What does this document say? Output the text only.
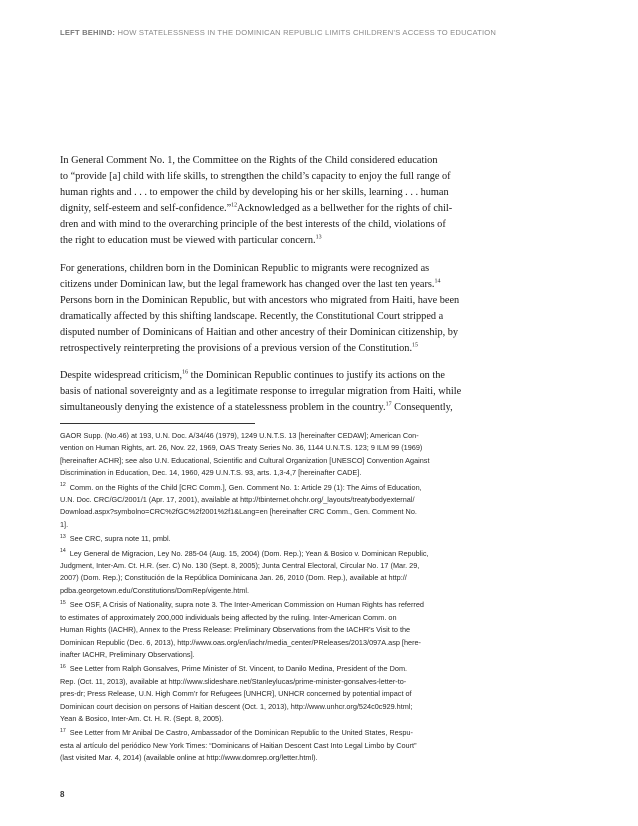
LEFT BEHIND: HOW STATELESSNESS IN THE DOMINICAN REPUBLIC LIMITS CHILDREN’S ACCESS TO EDUCATION

In General Comment No. 1, the Committee on the Rights of the Child considered education
to “provide [a] child with life skills, to strengthen the child’s capacity to enjoy the full range of
human rights and . . . to empower the child by developing his or her skills, learning . . . human
dignity, self-esteem and self-confidence.”$^{12}$Acknowledged as a bellwether for the rights of chil-
dren and with mind to the overarching principle of the best interests of the child, violations of
the right to education must be viewed with particular concern.$^{13}$

For generations, children born in the Dominican Republic to migrants were recognized as
citizens under Dominican law, but the legal framework has changed over the last ten years.$^{14}$
Persons born in the Dominican Republic, but with ancestors who migrated from Haiti, have been
dramatically affected by this shifting landscape. Recently, the Constitutional Court stripped a
disputed number of Dominicans of Haitian and other ancestry of their Dominican citizenship, by
retrospectively reinterpreting the provisions of a previous version of the Constitution.$^{15}$

Despite widespread criticism,$^{16}$ the Dominican Republic continues to justify its actions on the
basis of national sovereignty and as a legitimate response to irregular migration from Haiti, while
simultaneously denying the existence of a statelessness problem in the country.$^{17}$ Consequently,

GAOR Supp. (No.46) at 193, U.N. Doc. A/34/46 (1979), 1249 U.N.T.S. 13 [hereinafter CEDAW]; American Con-
vention on Human Rights, art. 26, Nov. 22, 1969, OAS Treaty Series No. 36, 1144 U.N.T.S. 123; 9 ILM 99 (1969)
[hereinafter ACHR]; see also U.N. Educational, Scientific and Cultural Organization [UNESCO] Convention Against
Discrimination in Education, Dec. 14, 1960, 429 U.N.T.S. 93, arts. 1,3-4,7 [hereinafter CADE].
$^{12}$ Comm. on the Rights of the Child [CRC Comm.], Gen. Comment No. 1: Article 29 (1): The Aims of Education,
U.N. Doc. CRC/GC/2001/1 (Apr. 17, 2001), available at http://tbinternet.ohchr.org/_layouts/treatybodyexternal/
Download.aspx?symbolno=CRC%2fGC%2f2001%2f1&Lang=en [hereinafter CRC Comm., Gen. Comment No.
1].
$^{13}$ See CRC, supra note 11, pmbl.
$^{14}$ Ley General de Migracion, Ley No. 285-04 (Aug. 15, 2004) (Dom. Rep.); Yean & Bosico v. Dominican Republic,
Judgment, Inter-Am. Ct. H.R. (ser. C) No. 130 (Sept. 8, 2005); Junta Central Electoral, Circular No. 17 (Mar. 29,
2007) (Dom. Rep.); Constitución de la República Dominicana Jan. 26, 2010 (Dom. Rep.), available at http://
pdba.georgetown.edu/Constitutions/DomRep/vigente.html.
$^{15}$ See OSF, A Crisis of Nationality, supra note 3. The Inter-American Commission on Human Rights has referred
to estimates of approximately 200,000 individuals being affected by the ruling. Inter-American Comm. on
Human Rights (IACHR), Annex to the Press Release: Preliminary Observations from the IACHR’s Visit to the
Dominican Republic (Dec. 6, 2013), http://www.oas.org/en/iachr/media_center/PReleases/2013/097A.asp [here-
inafter IACHR, Preliminary Observations].
$^{16}$ See Letter from Ralph Gonsalves, Prime Minister of St. Vincent, to Danilo Medina, President of the Dom.
Rep. (Oct. 11, 2013), available at http://www.slideshare.net/Stanleylucas/prime-minister-gonsalves-letter-to-
pres-dr; Press Release, U.N. High Comm’r for Refugees [UNHCR], UNHCR concerned by potential impact of
Dominican court decision on persons of Haitian descent (Oct. 1, 2013), http://www.unhcr.org/524c0c929.html;
Yean & Bosico, Inter-Am. Ct. H. R. (Sept. 8, 2005).
$^{17}$ See Letter from Mr Anibal De Castro, Ambassador of the Dominican Republic to the United States, Respu-
esta al artículo del periódico New York Times: “Dominicans of Haitian Descent Cast Into Legal Limbo by Court”
(last visited Mar. 4, 2014) (available online at http://www.domrep.org/letter.html).
8
